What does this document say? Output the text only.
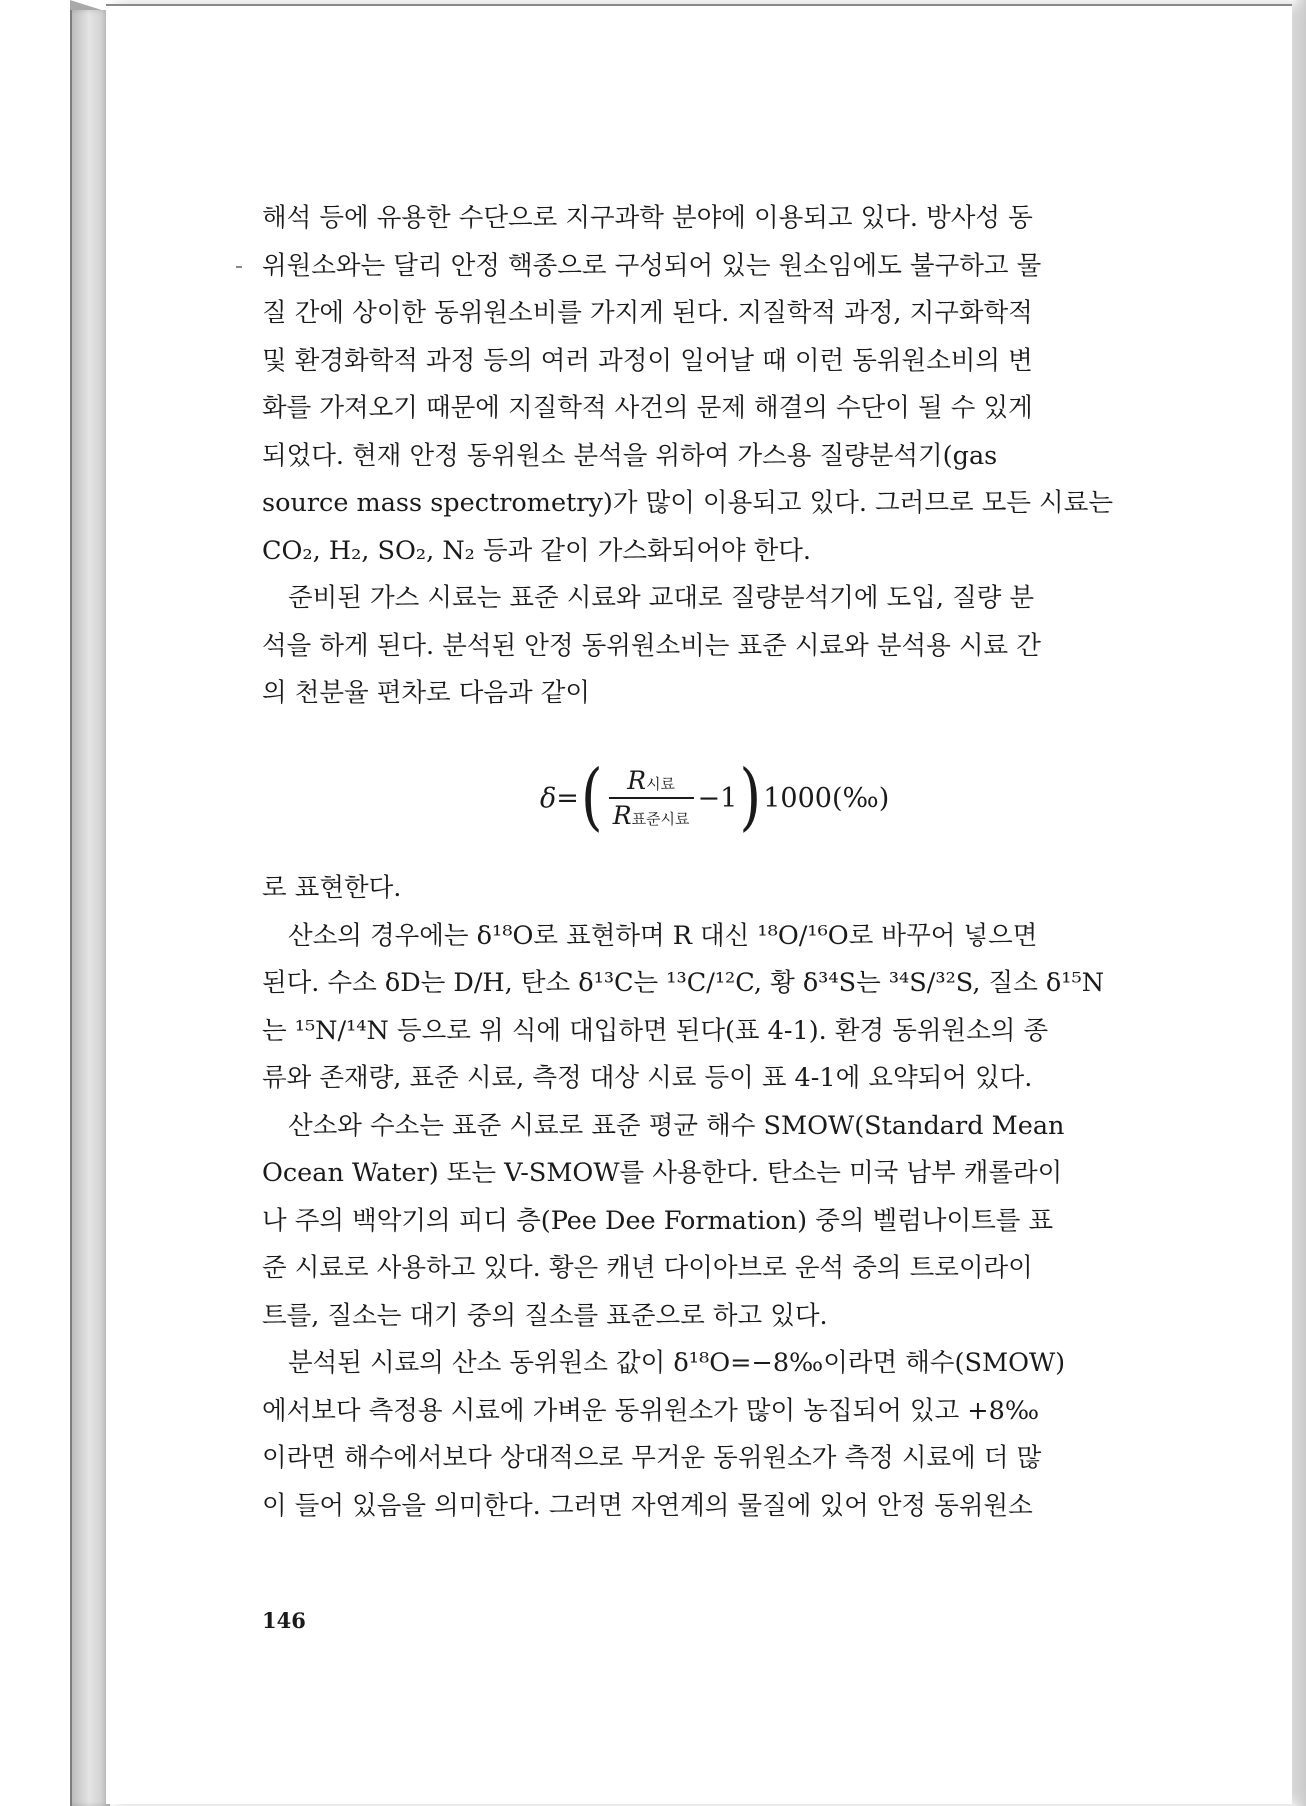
해석 등에 유용한 수단으로 지구과학 분야에 이용되고 있다. 방사성 동
위원소와는 달리 안정 핵종으로 구성되어 있는 원소임에도 불구하고 물
질 간에 상이한 동위원소비를 가지게 된다. 지질학적 과정, 지구화학적
및 환경화학적 과정 등의 여러 과정이 일어날 때 이런 동위원소비의 변
화를 가져오기 때문에 지질학적 사건의 문제 해결의 수단이 될 수 있게
되었다. 현재 안정 동위원소 분석을 위하여 가스용 질량분석기(gas
source mass spectrometry)가 많이 이용되고 있다. 그러므로 모든 시료는
CO₂, H₂, SO₂, N₂ 등과 같이 가스화되어야 한다.
준비된 가스 시료는 표준 시료와 교대로 질량분석기에 도입, 질량 분
석을 하게 된다. 분석된 안정 동위원소비는 표준 시료와 분석용 시료 간
의 천분율 편차로 다음과 같이
δ = ( $\frac{\text{R시료}}{\text{R표준시료}} -1$ ) 1000 (‰)
로 표현한다.
산소의 경우에는 δ¹⁸O로 표현하며 R 대신 ¹⁸O/¹⁶O로 바꾸어 넣으면
된다. 수소 δD는 D/H, 탄소 δ¹³C는 ¹³C/¹²C, 황 δ³⁴S는 ³⁴S/³²S, 질소 δ¹⁵N
는 ¹⁵N/¹⁴N 등으로 위 식에 대입하면 된다(표 4-1). 환경 동위원소의 종
류와 존재량, 표준 시료, 측정 대상 시료 등이 표 4-1에 요약되어 있다.
산소와 수소는 표준 시료로 표준 평균 해수 SMOW(Standard Mean
Ocean Water) 또는 V-SMOW를 사용한다. 탄소는 미국 남부 캐롤라이
나 주의 백악기의 피디 층(Pee Dee Formation) 중의 벨럼나이트를 표
준 시료로 사용하고 있다. 황은 캐년 다이아브로 운석 중의 트로이라이
트를, 질소는 대기 중의 질소를 표준으로 하고 있다.
분석된 시료의 산소 동위원소 값이 δ¹⁸O=−8‰이라면 해수(SMOW)
에서보다 측정용 시료에 가벼운 동위원소가 많이 농집되어 있고 +8‰
이라면 해수에서보다 상대적으로 무거운 동위원소가 측정 시료에 더 많
이 들어 있음을 의미한다. 그러면 자연계의 물질에 있어 안정 동위원소
146
